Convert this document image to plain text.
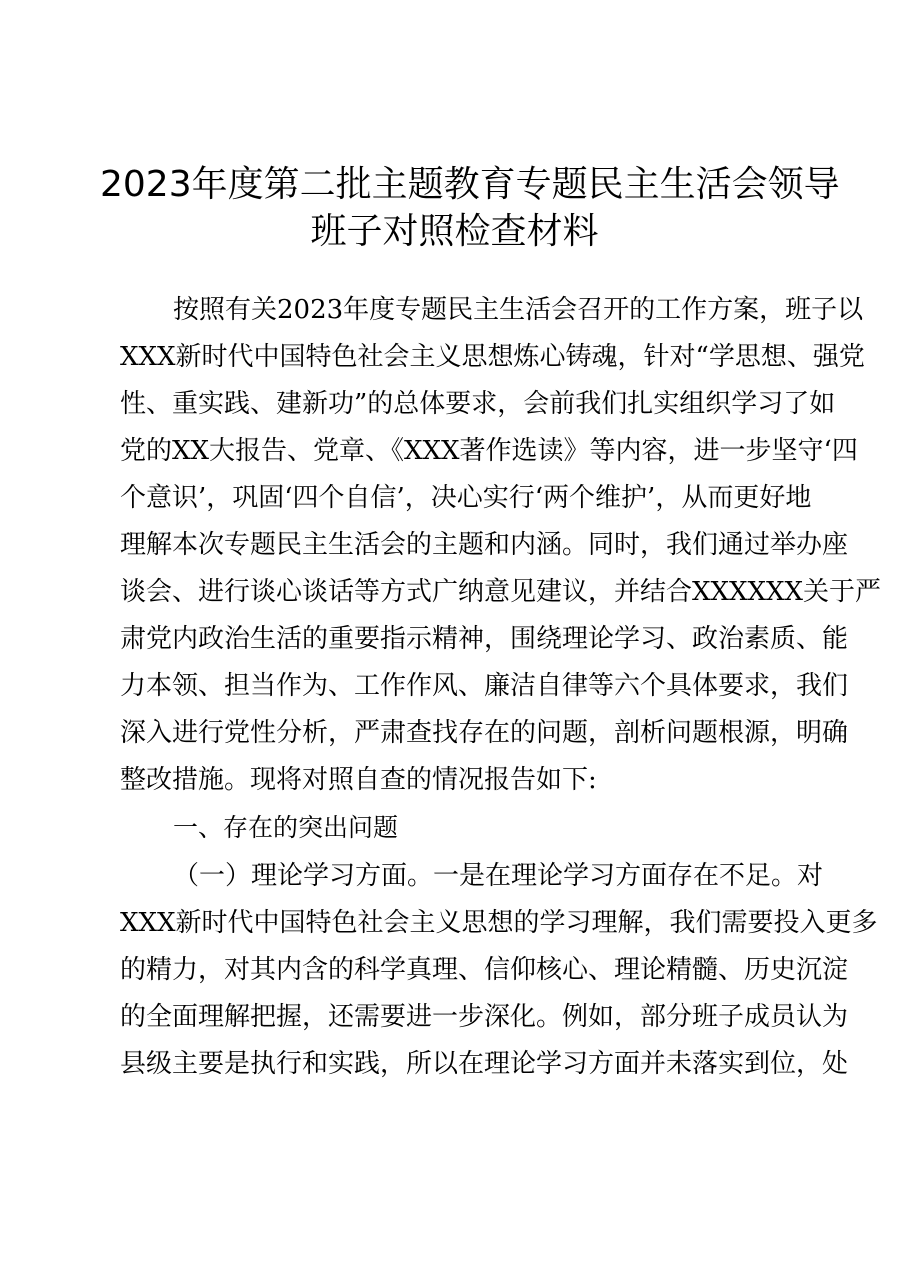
2023年度第二批主题教育专题民主生活会领导
班子对照检查材料
按照有关2023年度专题民主生活会召开的工作方案，班子以
XXX新时代中国特色社会主义思想炼心铸魂，针对“学思想、强党
性、重实践、建新功”的总体要求，会前我们扎实组织学习了如
党的XX大报告、党章、《XXX著作选读》等内容，进一步坚守‘四
个意识’，巩固‘四个自信’，决心实行‘两个维护’，从而更好地
理解本次专题民主生活会的主题和内涵。同时，我们通过举办座
谈会、进行谈心谈话等方式广纳意见建议，并结合XXXXXX关于严
肃党内政治生活的重要指示精神，围绕理论学习、政治素质、能
力本领、担当作为、工作作风、廉洁自律等六个具体要求，我们
深入进行党性分析，严肃查找存在的问题，剖析问题根源，明确
整改措施。现将对照自查的情况报告如下:
一、存在的突出问题
（一）理论学习方面。一是在理论学习方面存在不足。对
XXX新时代中国特色社会主义思想的学习理解，我们需要投入更多
的精力，对其内含的科学真理、信仰核心、理论精髓、历史沉淀
的全面理解把握，还需要进一步深化。例如，部分班子成员认为
县级主要是执行和实践，所以在理论学习方面并未落实到位，处
